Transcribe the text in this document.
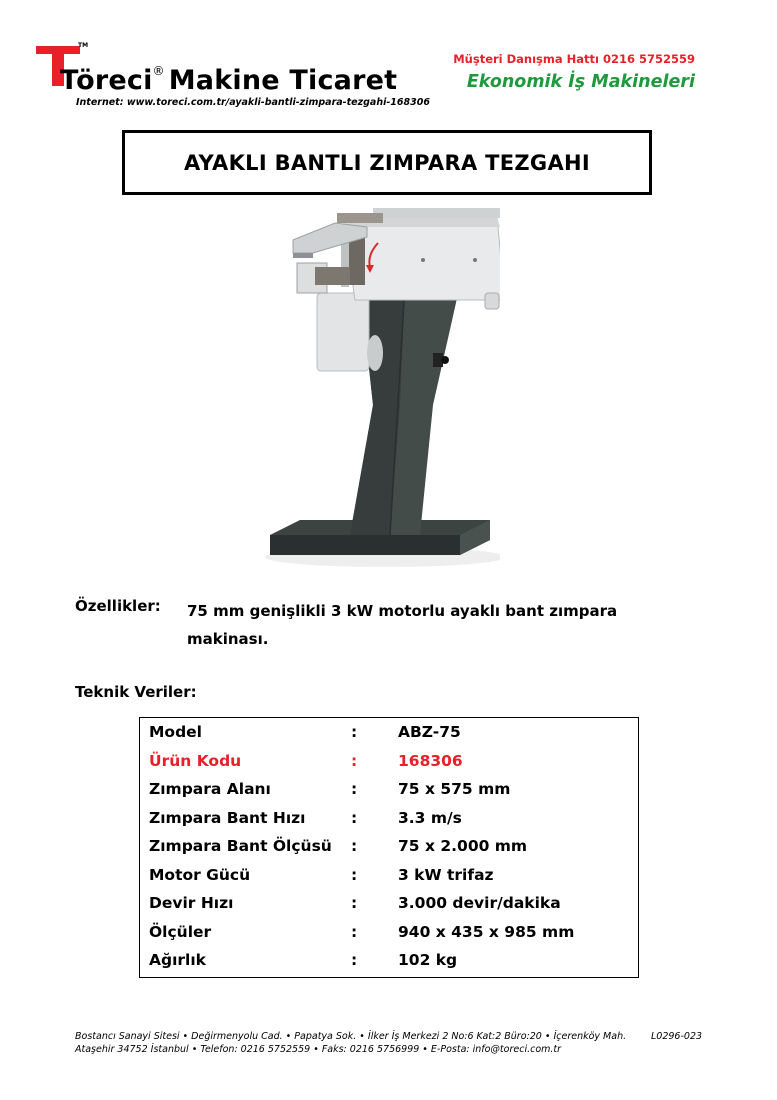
TM
Töreci® Makine Ticaret
Internet: www.toreci.com.tr/ayakli-bantli-zimpara-tezgahi-168306
Müşteri Danışma Hattı 0216 5752559
Ekonomik İş Makineleri
AYAKLI BANTLI ZIMPARA TEZGAHI
Özellikler: 75 mm genişlikli 3 kW motorlu ayaklı bant zımpara makinası.
Teknik Veriler:
Model	:	ABZ-75
Ürün Kodu	:	168306
Zımpara Alanı	:	75 x 575 mm
Zımpara Bant Hızı	:	3.3 m/s
Zımpara Bant Ölçüsü :	75 x 2.000 mm
Motor Gücü	:	3 kW trifaz
Devir Hızı	:	3.000 devir/dakika
Ölçüler	:	940 x 435 x 985 mm
Ağırlık	:	102 kg
Bostancı Sanayi Sitesi • Değirmenyolu Cad. • Papatya Sok. • İlker İş Merkezi 2 No:6 Kat:2 Büro:20 • İçerenköy Mah.
Ataşehir 34752 İstanbul • Telefon: 0216 5752559 • Faks: 0216 5756999 • E-Posta: info@toreci.com.tr
L0296-023
